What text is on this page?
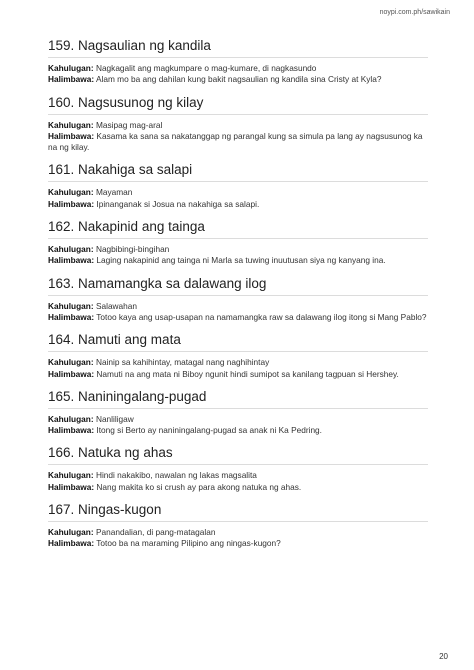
noypi.com.ph/sawikain
159. Nagsaulian ng kandila
Kahulugan: Nagkagalit ang magkumpare o mag-kumare, di nagkasundo
Halimbawa: Alam mo ba ang dahilan kung bakit nagsaulian ng kandila sina Cristy at Kyla?
160. Nagsusunog ng kilay
Kahulugan: Masipag mag-aral
Halimbawa: Kasama ka sana sa nakatanggap ng parangal kung sa simula pa lang ay nagsusunog ka na ng kilay.
161. Nakahiga sa salapi
Kahulugan: Mayaman
Halimbawa: Ipinanganak si Josua na nakahiga sa salapi.
162. Nakapinid ang tainga
Kahulugan: Nagbibingi-bingihan
Halimbawa: Laging nakapinid ang tainga ni Marla sa tuwing inuutusan siya ng kanyang ina.
163. Namamangka sa dalawang ilog
Kahulugan: Salawahan
Halimbawa: Totoo kaya ang usap-usapan na namamangka raw sa dalawang ilog itong si Mang Pablo?
164. Namuti ang mata
Kahulugan: Nainip sa kahihintay, matagal nang naghihintay
Halimbawa: Namuti na ang mata ni Biboy ngunit hindi sumipot sa kanilang tagpuan si Hershey.
165. Naniningalang-pugad
Kahulugan: Nanliligaw
Halimbawa: Itong si Berto ay naniningalang-pugad sa anak ni Ka Pedring.
166. Natuka ng ahas
Kahulugan: Hindi nakakibo, nawalan ng lakas magsalita
Halimbawa: Nang makita ko si crush ay para akong natuka ng ahas.
167. Ningas-kugon
Kahulugan: Panandalian, di pang-matagalan
Halimbawa: Totoo ba na maraming Pilipino ang ningas-kugon?
20
